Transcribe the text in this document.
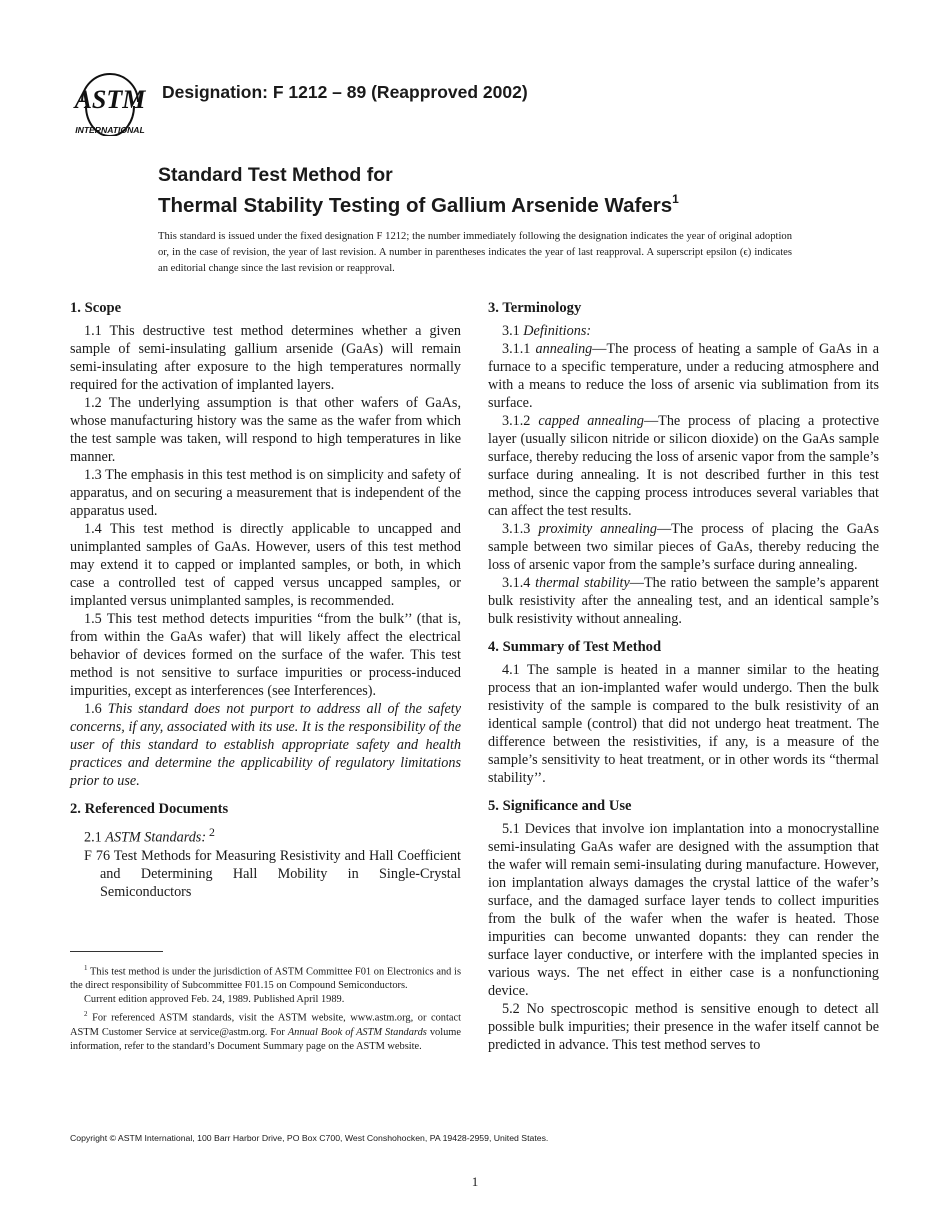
ASTM
INTERNATIONAL
Designation: F 1212 – 89 (Reapproved 2002)
Standard Test Method for
Thermal Stability Testing of Gallium Arsenide Wafers$^1$
This standard is issued under the fixed designation F 1212; the number immediately following the designation indicates the year of original adoption or, in the case of revision, the year of last revision. A number in parentheses indicates the year of last reapproval. A superscript epsilon (ϵ) indicates an editorial change since the last revision or reapproval.
1. Scope

1.1 This destructive test method determines whether a given sample of semi-insulating gallium arsenide (GaAs) will remain semi-insulating after exposure to the high temperatures normally required for the activation of implanted layers.

1.2 The underlying assumption is that other wafers of GaAs, whose manufacturing history was the same as the wafer from which the test sample was taken, will respond to high temperatures in like manner.

1.3 The emphasis in this test method is on simplicity and safety of apparatus, and on securing a measurement that is independent of the apparatus used.

1.4 This test method is directly applicable to uncapped and unimplanted samples of GaAs. However, users of this test method may extend it to capped or implanted samples, or both, in which case a controlled test of capped versus uncapped samples, or implanted versus unimplanted samples, is recommended.

1.5 This test method detects impurities “from the bulk’’ (that is, from within the GaAs wafer) that will likely affect the electrical behavior of devices formed on the surface of the wafer. This test method is not sensitive to surface impurities or process-induced impurities, except as interferences (see Interferences).

1.6 This standard does not purport to address all of the safety concerns, if any, associated with its use. It is the responsibility of the user of this standard to establish appropriate safety and health practices and determine the applicability of regulatory limitations prior to use.

2. Referenced Documents

2.1 ASTM Standards: $^2$

F 76 Test Methods for Measuring Resistivity and Hall Coefficient and Determining Hall Mobility in Single-Crystal Semiconductors

3. Terminology

3.1 Definitions:

3.1.1 annealing—The process of heating a sample of GaAs in a furnace to a specific temperature, under a reducing atmosphere and with a means to reduce the loss of arsenic via sublimation from its surface.

3.1.2 capped annealing—The process of placing a protective layer (usually silicon nitride or silicon dioxide) on the GaAs sample surface, thereby reducing the loss of arsenic vapor from the sample’s surface during annealing. It is not described further in this test method, since the capping process introduces several variables that can affect the test results.

3.1.3 proximity annealing—The process of placing the GaAs sample between two similar pieces of GaAs, thereby reducing the loss of arsenic vapor from the sample’s surface during annealing.

3.1.4 thermal stability—The ratio between the sample’s apparent bulk resistivity after the annealing test, and an identical sample’s bulk resistivity without annealing.

4. Summary of Test Method

4.1 The sample is heated in a manner similar to the heating process that an ion-implanted wafer would undergo. Then the bulk resistivity of the sample is compared to the bulk resistivity of an identical sample (control) that did not undergo heat treatment. The difference between the resistivities, if any, is a measure of the sample’s sensitivity to heat treatment, or in other words its “thermal stability’’.

5. Significance and Use

5.1 Devices that involve ion implantation into a monocrystalline semi-insulating GaAs wafer are designed with the assumption that the wafer will remain semi-insulating during manufacture. However, ion implantation always damages the crystal lattice of the wafer’s surface, and the damaged surface layer tends to collect impurities from the bulk of the wafer when the wafer is heated. Those impurities can become unwanted dopants: they can render the surface layer conductive, or interfere with the implanted species in various ways. The net effect in either case is a nonfunctioning device.

5.2 No spectroscopic method is sensitive enough to detect all possible bulk impurities; their presence in the wafer itself cannot be predicted in advance. This test method serves to

$^1$ This test method is under the jurisdiction of ASTM Committee F01 on Electronics and is the direct responsibility of Subcommittee F01.15 on Compound Semiconductors.

Current edition approved Feb. 24, 1989. Published April 1989.

$^2$ For referenced ASTM standards, visit the ASTM website, www.astm.org, or contact ASTM Customer Service at service@astm.org. For Annual Book of ASTM Standards volume information, refer to the standard’s Document Summary page on the ASTM website.

Copyright © ASTM International, 100 Barr Harbor Drive, PO Box C700, West Conshohocken, PA 19428-2959, United States.
1
